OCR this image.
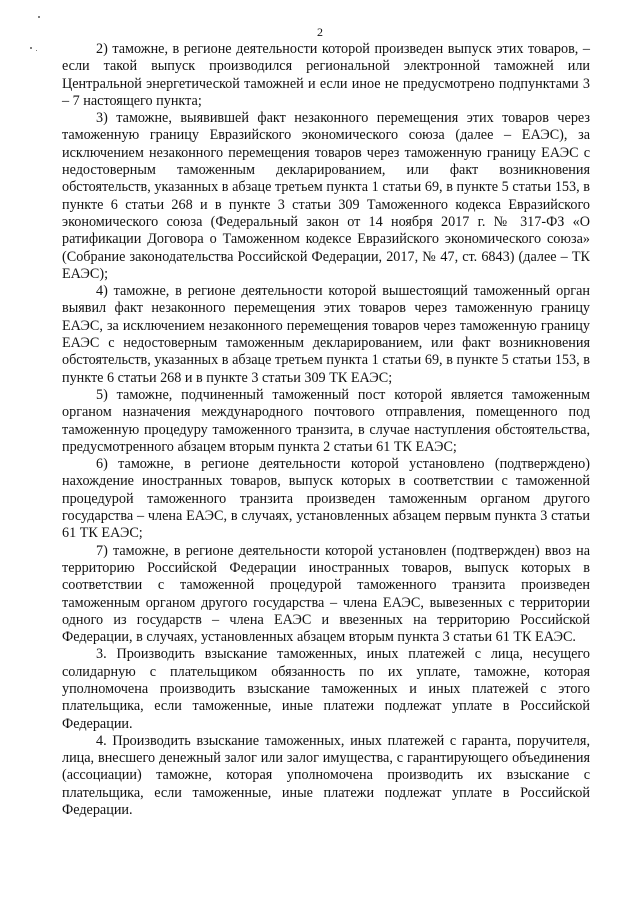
2

2) таможне, в регионе деятельности которой произведен выпуск этих товаров, – если такой выпуск производился региональной электронной таможней или Центральной энергетической таможней и если иное не предусмотрено подпунктами 3 – 7 настоящего пункта;

3) таможне, выявившей факт незаконного перемещения этих товаров через таможенную границу Евразийского экономического союза (далее – ЕАЭС), за исключением незаконного перемещения товаров через таможенную границу ЕАЭС с недостоверным таможенным декларированием, или факт возникновения обстоятельств, указанных в абзаце третьем пункта 1 статьи 69, в пункте 5 статьи 153, в пункте 6 статьи 268 и в пункте 3 статьи 309 Таможенного кодекса Евразийского экономического союза (Федеральный закон от 14 ноября 2017 г. № 317-ФЗ «О ратификации Договора о Таможенном кодексе Евразийского экономического союза» (Собрание законодательства Российской Федерации, 2017, № 47, ст. 6843) (далее – ТК ЕАЭС);

4) таможне, в регионе деятельности которой вышестоящий таможенный орган выявил факт незаконного перемещения этих товаров через таможенную границу ЕАЭС, за исключением незаконного перемещения товаров через таможенную границу ЕАЭС с недостоверным таможенным декларированием, или факт возникновения обстоятельств, указанных в абзаце третьем пункта 1 статьи 69, в пункте 5 статьи 153, в пункте 6 статьи 268 и в пункте 3 статьи 309 ТК ЕАЭС;

5) таможне, подчиненный таможенный пост которой является таможенным органом назначения международного почтового отправления, помещенного под таможенную процедуру таможенного транзита, в случае наступления обстоятельства, предусмотренного абзацем вторым пункта 2 статьи 61 ТК ЕАЭС;

6) таможне, в регионе деятельности которой установлено (подтверждено) нахождение иностранных товаров, выпуск которых в соответствии с таможенной процедурой таможенного транзита произведен таможенным органом другого государства – члена ЕАЭС, в случаях, установленных абзацем первым пункта 3 статьи 61 ТК ЕАЭС;

7) таможне, в регионе деятельности которой установлен (подтвержден) ввоз на территорию Российской Федерации иностранных товаров, выпуск которых в соответствии с таможенной процедурой таможенного транзита произведен таможенным органом другого государства – члена ЕАЭС, вывезенных с территории одного из государств – члена ЕАЭС и ввезенных на территорию Российской Федерации, в случаях, установленных абзацем вторым пункта 3 статьи 61 ТК ЕАЭС.

3. Производить взыскание таможенных, иных платежей с лица, несущего солидарную с плательщиком обязанность по их уплате, таможне, которая уполномочена производить взыскание таможенных и иных платежей с этого плательщика, если таможенные, иные платежи подлежат уплате в Российской Федерации.

4. Производить взыскание таможенных, иных платежей с гаранта, поручителя, лица, внесшего денежный залог или залог имущества, с гарантирующего объединения (ассоциации) таможне, которая уполномочена производить их взыскание с плательщика, если таможенные, иные платежи подлежат уплате в Российской Федерации.
